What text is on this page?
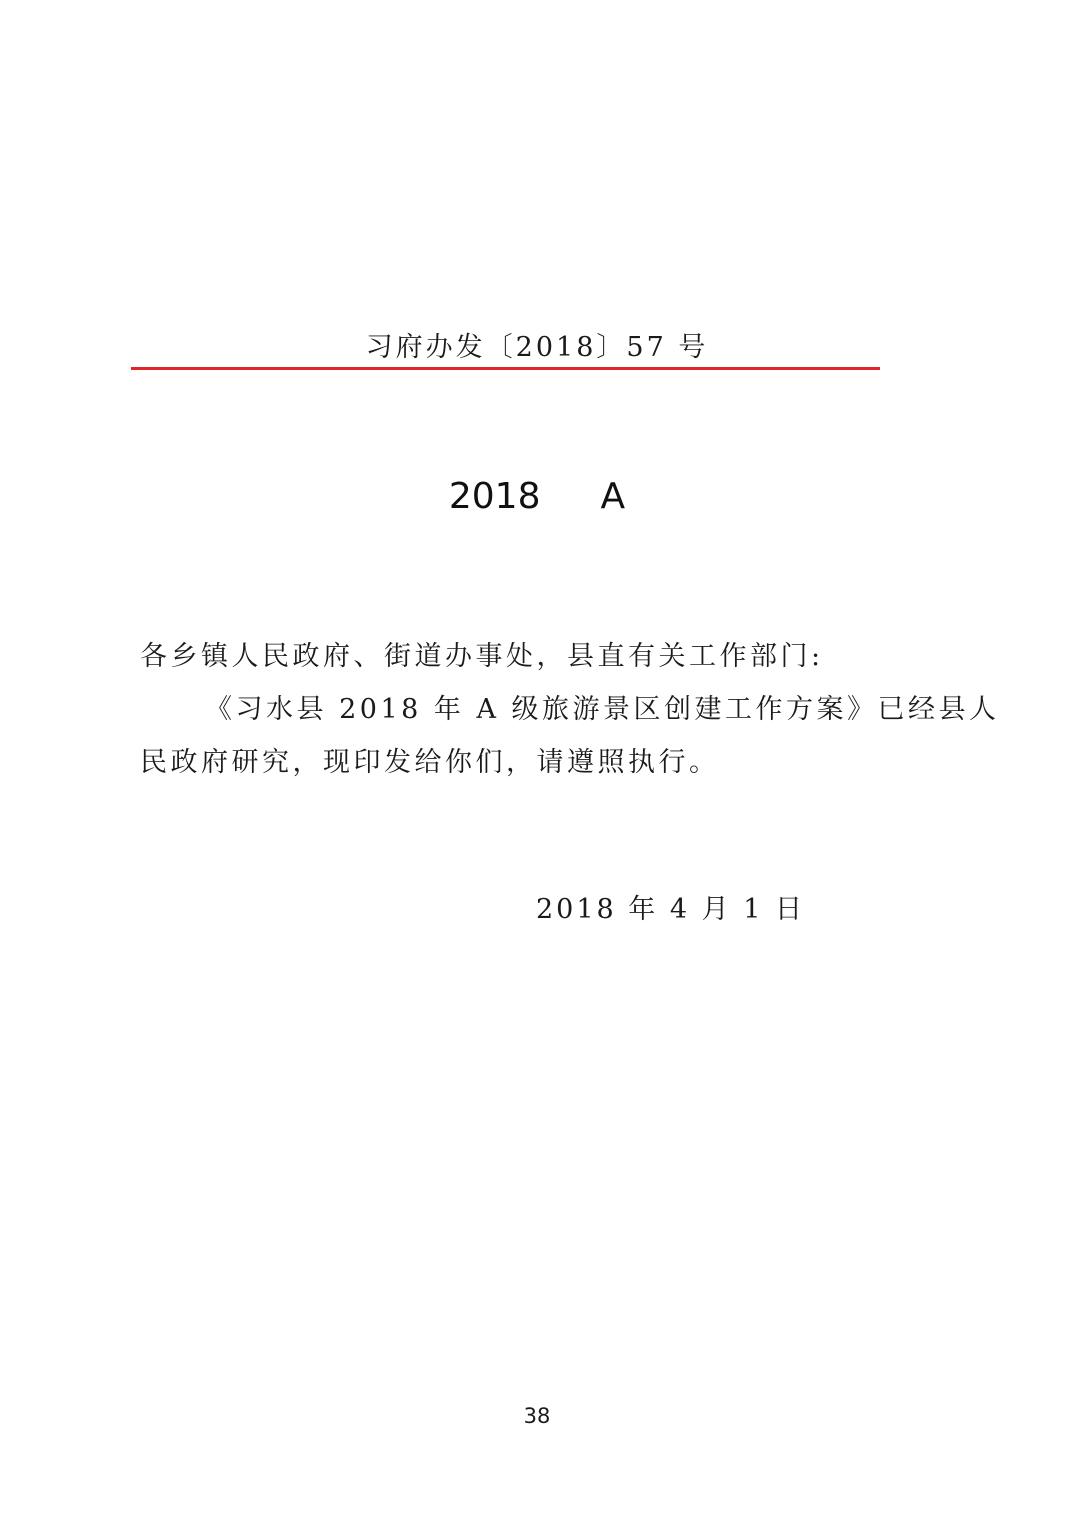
习府办发〔2018〕57 号
2018 A
各乡镇人民政府、街道办事处，县直有关工作部门:
《习水县 2018 年 A 级旅游景区创建工作方案》已经县人
民政府研究，现印发给你们，请遵照执行。
2018 年 4 月 1 日
38
